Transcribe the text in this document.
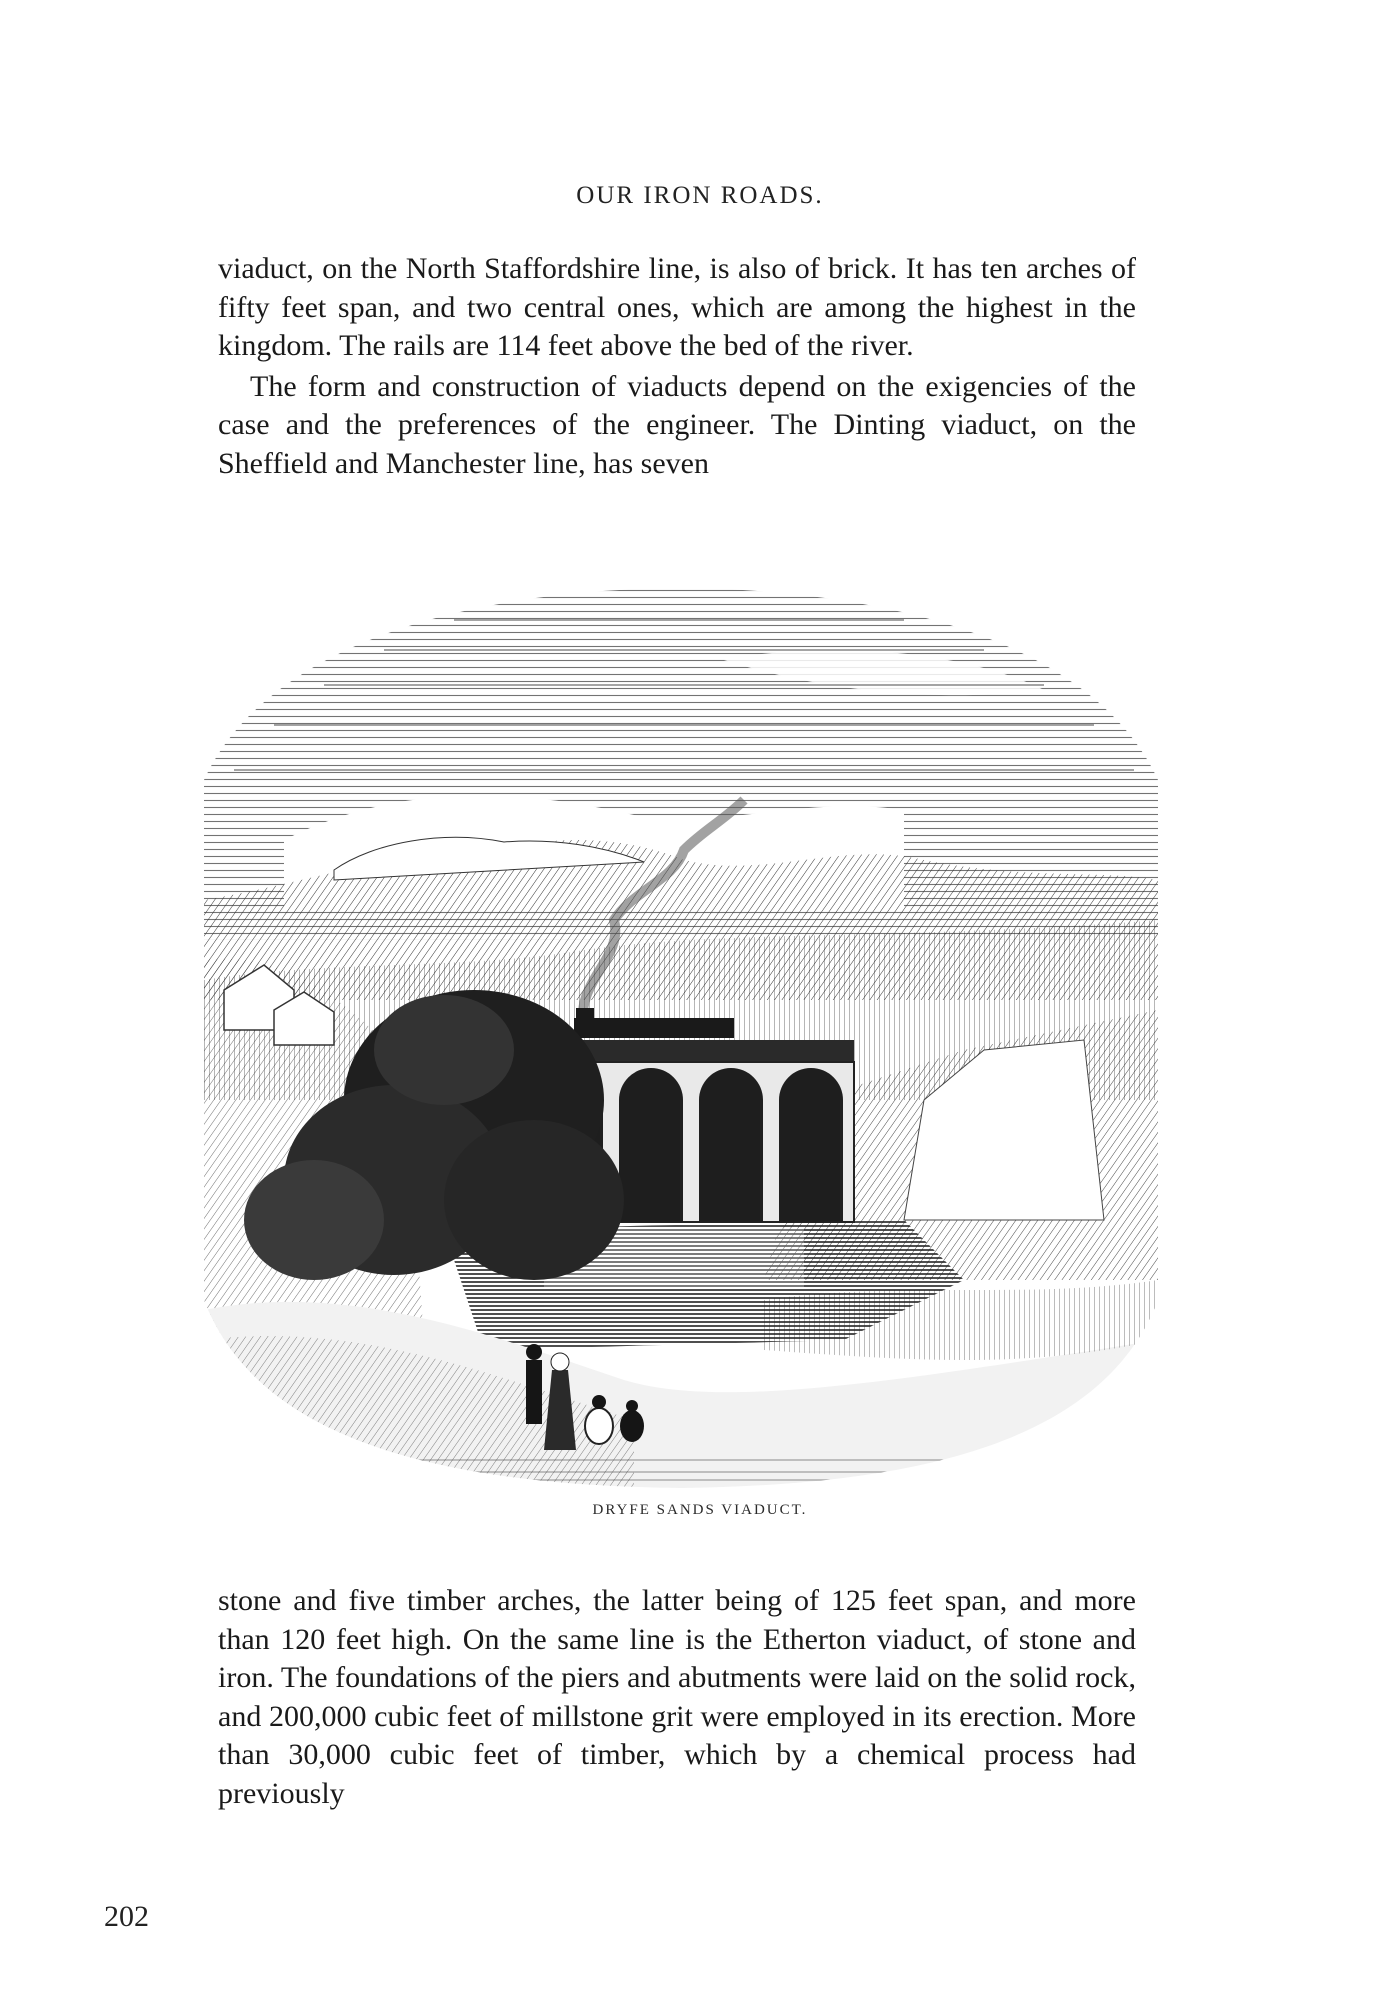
OUR IRON ROADS.

viaduct, on the North Staffordshire line, is also of brick. It has ten arches of fifty feet span, and two central ones, which are among the highest in the kingdom. The rails are 114 feet above the bed of the river.

The form and construction of viaducts depend on the exigencies of the case and the preferences of the engineer. The Dinting viaduct, on the Sheffield and Manchester line, has seven

DRYFE SANDS VIADUCT.

stone and five timber arches, the latter being of 125 feet span, and more than 120 feet high. On the same line is the Etherton viaduct, of stone and iron. The foundations of the piers and abutments were laid on the solid rock, and 200,000 cubic feet of millstone grit were employed in its erection. More than 30,000 cubic feet of timber, which by a chemical process had previously

202
